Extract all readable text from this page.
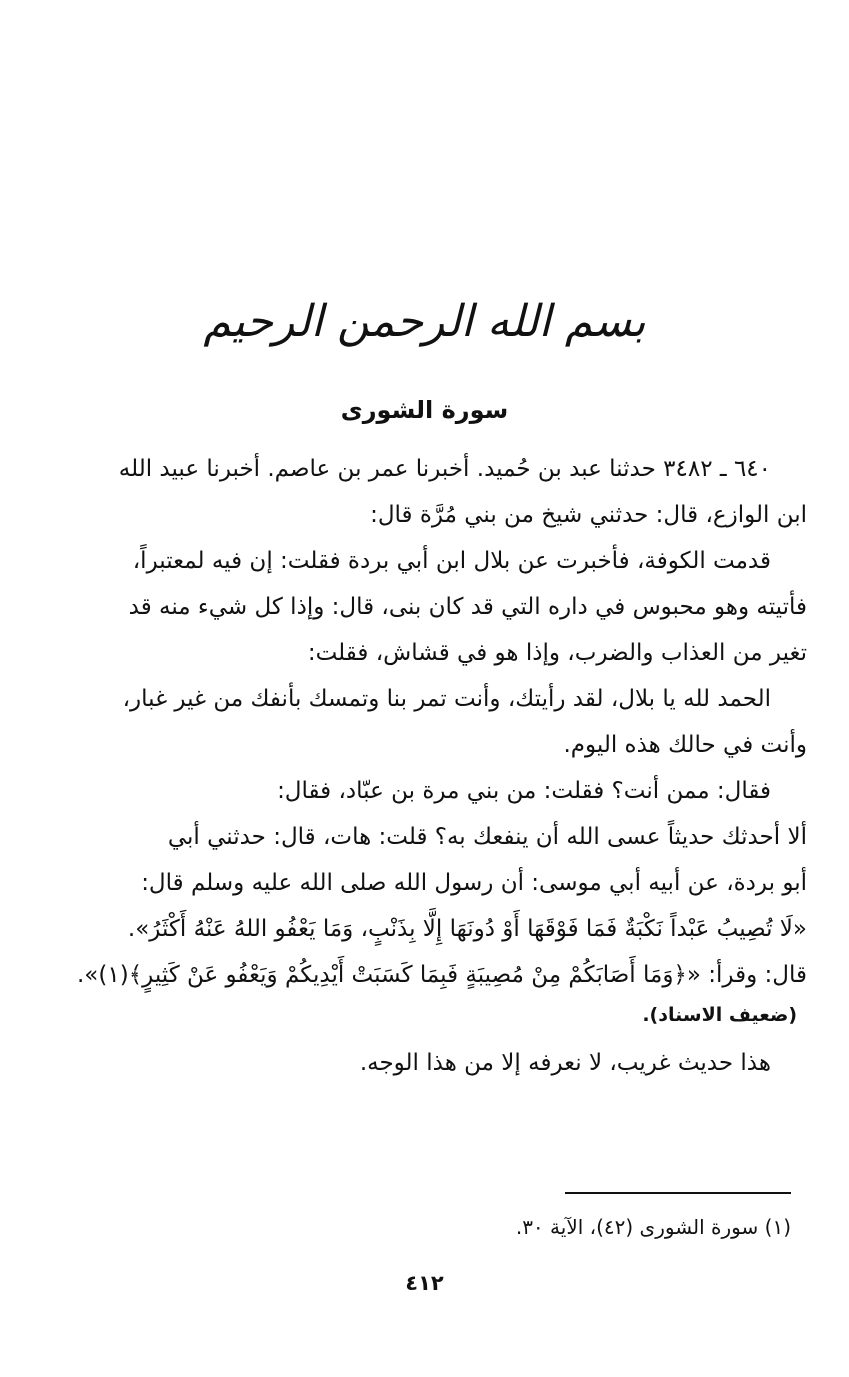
بسم الله الرحمن الرحيم
سورة الشورى
٦٤٠ ـ ٣٤٨٢ حدثنا عبد بن حُميد. أخبرنا عمر بن عاصم. أخبرنا عبيد الله
ابن الوازع، قال: حدثني شيخ من بني مُرَّة قال:
قدمت الكوفة، فأخبرت عن بلال ابن أبي بردة فقلت: إن فيه لمعتبراً،
فأتيته وهو محبوس في داره التي قد كان بنى، قال: وإذا كل شيء منه قد
تغير من العذاب والضرب، وإذا هو في قشاش، فقلت:
الحمد لله يا بلال، لقد رأيتك، وأنت تمر بنا وتمسك بأنفك من غير غبار،
وأنت في حالك هذه اليوم.
فقال: ممن أنت؟ فقلت: من بني مرة بن عبّاد، فقال:
ألا أحدثك حديثاً عسى الله أن ينفعك به؟ قلت: هات، قال: حدثني أبي
أبو بردة، عن أبيه أبي موسى: أن رسول الله صلى الله عليه وسلم قال:
«لَا تُصِيبُ عَبْداً نَكْبَةٌ فَمَا فَوْقَهَا أَوْ دُونَهَا إِلَّا بِذَنْبٍ، وَمَا يَعْفُو اللهُ عَنْهُ أَكْثَرُ».
قال: وقرأ: «﴿وَمَا أَصَابَكُمْ مِنْ مُصِيبَةٍ فَبِمَا كَسَبَتْ أَيْدِيكُمْ وَيَعْفُو عَنْ كَثِيرٍ﴾(١)».
(ضعيف الاسناد).
هذا حديث غريب، لا نعرفه إلا من هذا الوجه.
(١) سورة الشورى (٤٢)، الآية ٣٠.
٤١٢
